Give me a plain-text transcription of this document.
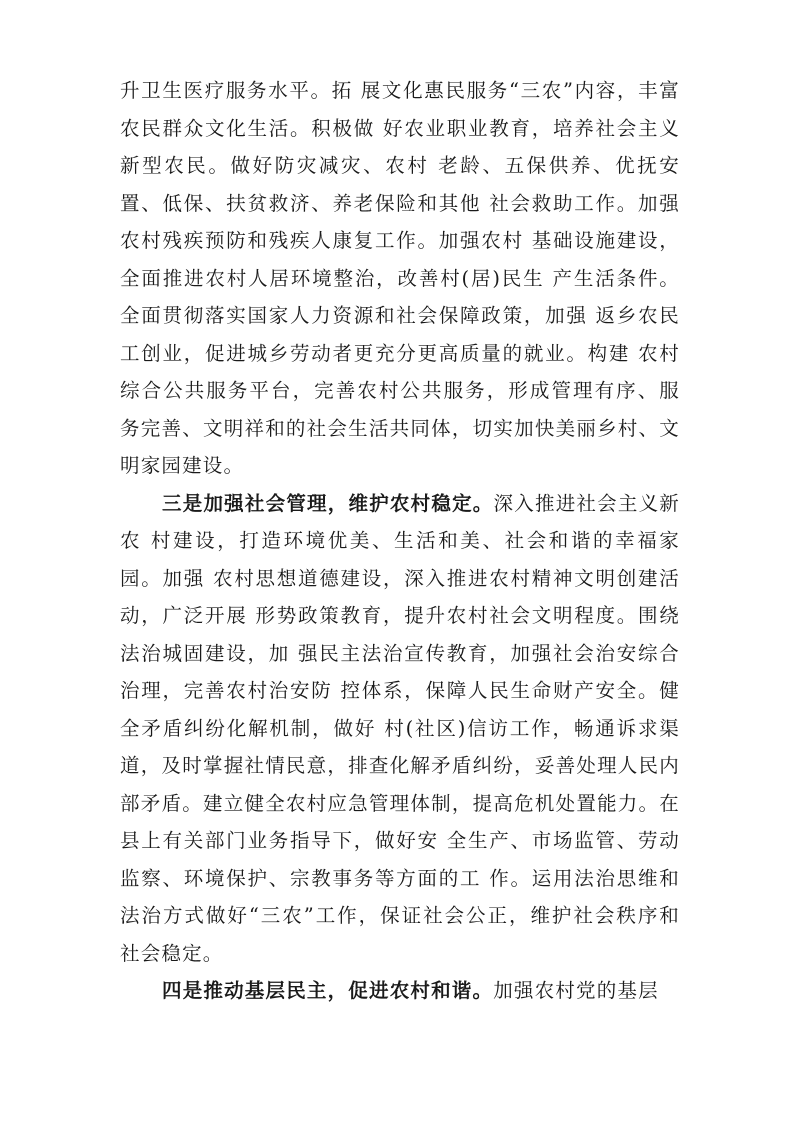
升卫生医疗服务水平。拓 展文化惠民服务“三农”内容，丰富农民群众文化生活。积极做 好农业职业教育，培养社会主义新型农民。做好防灾减灾、农村 老龄、五保供养、优抚安置、低保、扶贫救济、养老保险和其他 社会救助工作。加强农村残疾预防和残疾人康复工作。加强农村 基础设施建设，全面推进农村人居环境整治，改善村(居)民生 产生活条件。全面贯彻落实国家人力资源和社会保障政策，加强 返乡农民工创业，促进城乡劳动者更充分更高质量的就业。构建 农村综合公共服务平台，完善农村公共服务，形成管理有序、服 务完善、文明祥和的社会生活共同体，切实加快美丽乡村、文明家园建设。

三是加强社会管理，维护农村稳定。深入推进社会主义新农 村建设，打造环境优美、生活和美、社会和谐的幸福家园。加强 农村思想道德建设，深入推进农村精神文明创建活动，广泛开展 形势政策教育，提升农村社会文明程度。围绕法治城固建设，加 强民主法治宣传教育，加强社会治安综合治理，完善农村治安防 控体系，保障人民生命财产安全。健全矛盾纠纷化解机制，做好 村(社区)信访工作，畅通诉求渠道，及时掌握社情民意，排查化解矛盾纠纷，妥善处理人民内部矛盾。建立健全农村应急管理体制，提高危机处置能力。在县上有关部门业务指导下，做好安 全生产、市场监管、劳动监察、环境保护、宗教事务等方面的工 作。运用法治思维和法治方式做好“三农”工作，保证社会公正，维护社会秩序和社会稳定。

四是推动基层民主，促进农村和谐。加强农村党的基层
